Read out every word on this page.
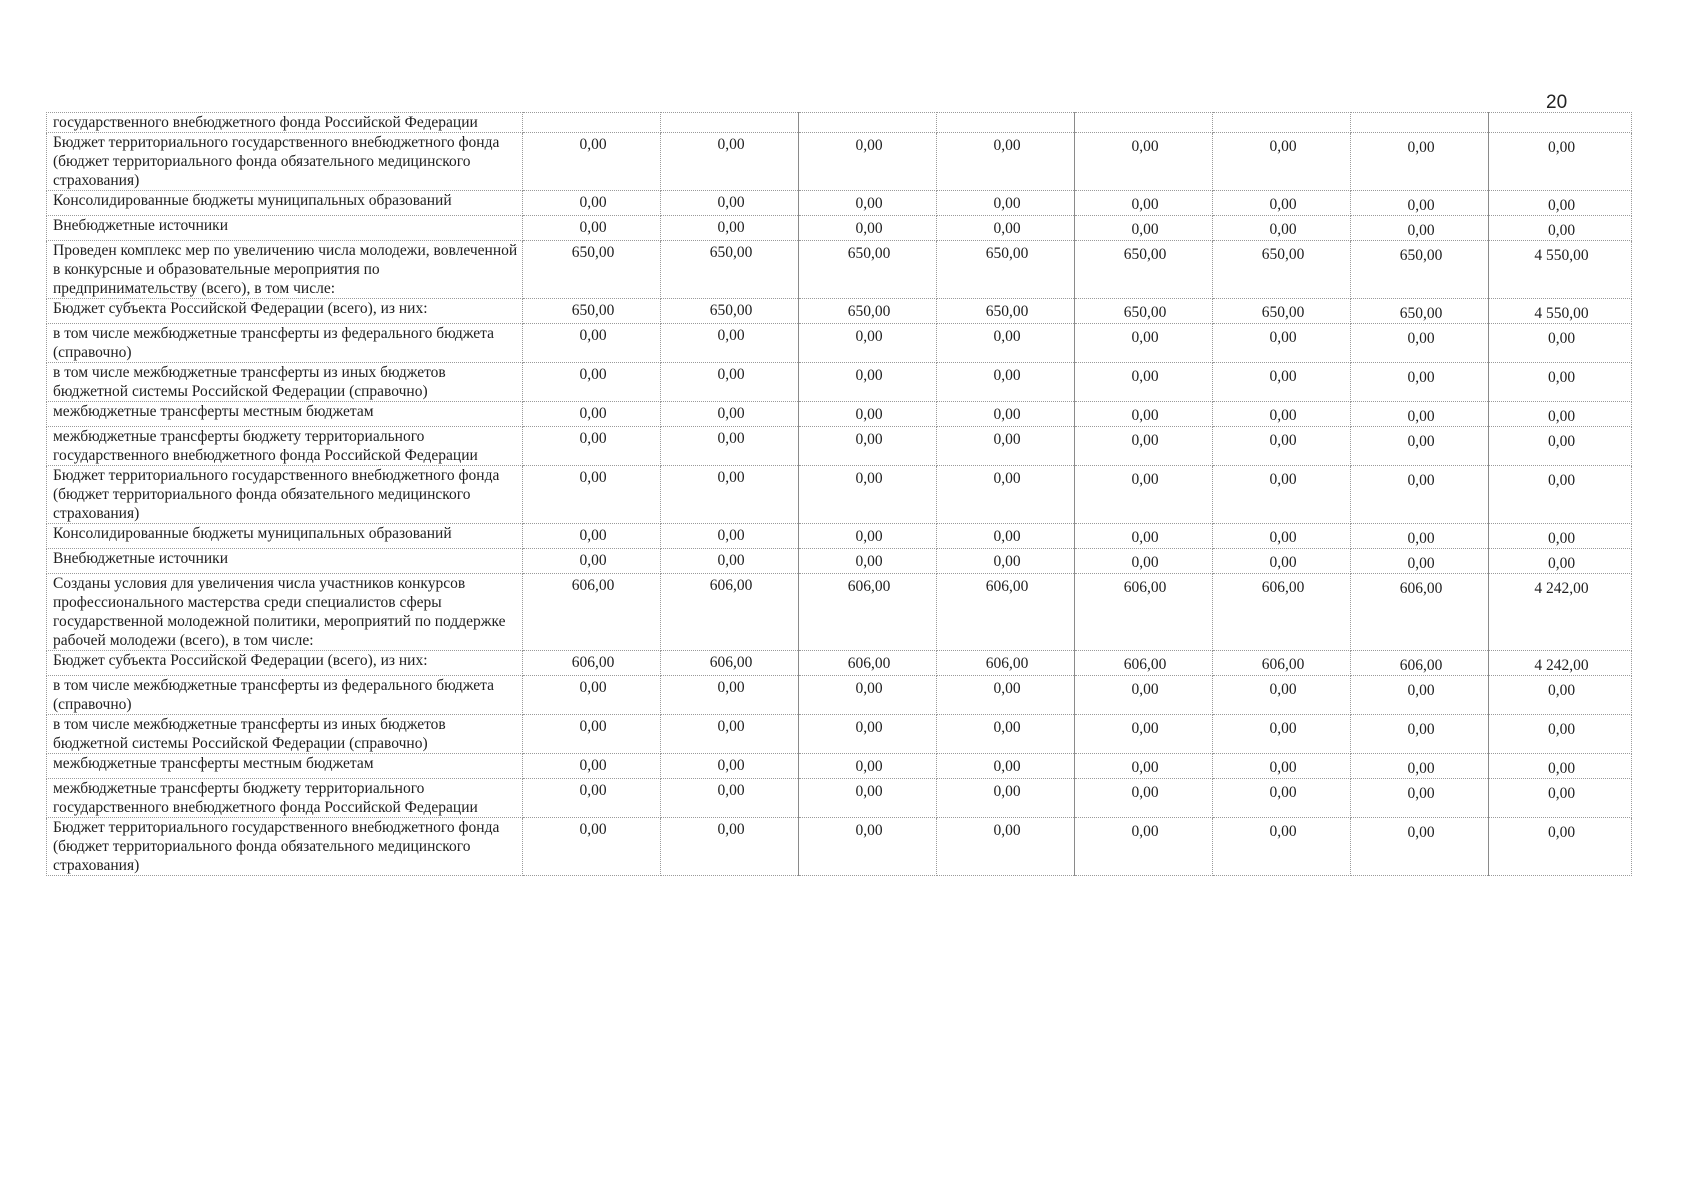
20
государственного внебюджетного фонда Российской Федерации								
Бюджет территориального государственного внебюджетного фонда (бюджет территориального фонда обязательного медицинского страхования)	0,00	0,00	0,00	0,00	0,00	0,00	0,00	0,00
Консолидированные бюджеты муниципальных образований	0,00	0,00	0,00	0,00	0,00	0,00	0,00	0,00
Внебюджетные источники	0,00	0,00	0,00	0,00	0,00	0,00	0,00	0,00
Проведен комплекс мер по увеличению числа молодежи, вовлеченной в конкурсные и образовательные мероприятия по предпринимательству (всего), в том числе:	650,00	650,00	650,00	650,00	650,00	650,00	650,00	4 550,00
Бюджет субъекта Российской Федерации (всего), из них:	650,00	650,00	650,00	650,00	650,00	650,00	650,00	4 550,00
в том числе межбюджетные трансферты из федерального бюджета (справочно)	0,00	0,00	0,00	0,00	0,00	0,00	0,00	0,00
в том числе межбюджетные трансферты из иных бюджетов бюджетной системы Российской Федерации (справочно)	0,00	0,00	0,00	0,00	0,00	0,00	0,00	0,00
межбюджетные трансферты местным бюджетам	0,00	0,00	0,00	0,00	0,00	0,00	0,00	0,00
межбюджетные трансферты бюджету территориального государственного внебюджетного фонда Российской Федерации	0,00	0,00	0,00	0,00	0,00	0,00	0,00	0,00
Бюджет территориального государственного внебюджетного фонда (бюджет территориального фонда обязательного медицинского страхования)	0,00	0,00	0,00	0,00	0,00	0,00	0,00	0,00
Консолидированные бюджеты муниципальных образований	0,00	0,00	0,00	0,00	0,00	0,00	0,00	0,00
Внебюджетные источники	0,00	0,00	0,00	0,00	0,00	0,00	0,00	0,00
Созданы условия для увеличения числа участников конкурсов профессионального мастерства среди специалистов сферы государственной молодежной политики, мероприятий по поддержке рабочей молодежи (всего), в том числе:	606,00	606,00	606,00	606,00	606,00	606,00	606,00	4 242,00
Бюджет субъекта Российской Федерации (всего), из них:	606,00	606,00	606,00	606,00	606,00	606,00	606,00	4 242,00
в том числе межбюджетные трансферты из федерального бюджета (справочно)	0,00	0,00	0,00	0,00	0,00	0,00	0,00	0,00
в том числе межбюджетные трансферты из иных бюджетов бюджетной системы Российской Федерации (справочно)	0,00	0,00	0,00	0,00	0,00	0,00	0,00	0,00
межбюджетные трансферты местным бюджетам	0,00	0,00	0,00	0,00	0,00	0,00	0,00	0,00
межбюджетные трансферты бюджету территориального государственного внебюджетного фонда Российской Федерации	0,00	0,00	0,00	0,00	0,00	0,00	0,00	0,00
Бюджет территориального государственного внебюджетного фонда (бюджет территориального фонда обязательного медицинского страхования)	0,00	0,00	0,00	0,00	0,00	0,00	0,00	0,00
